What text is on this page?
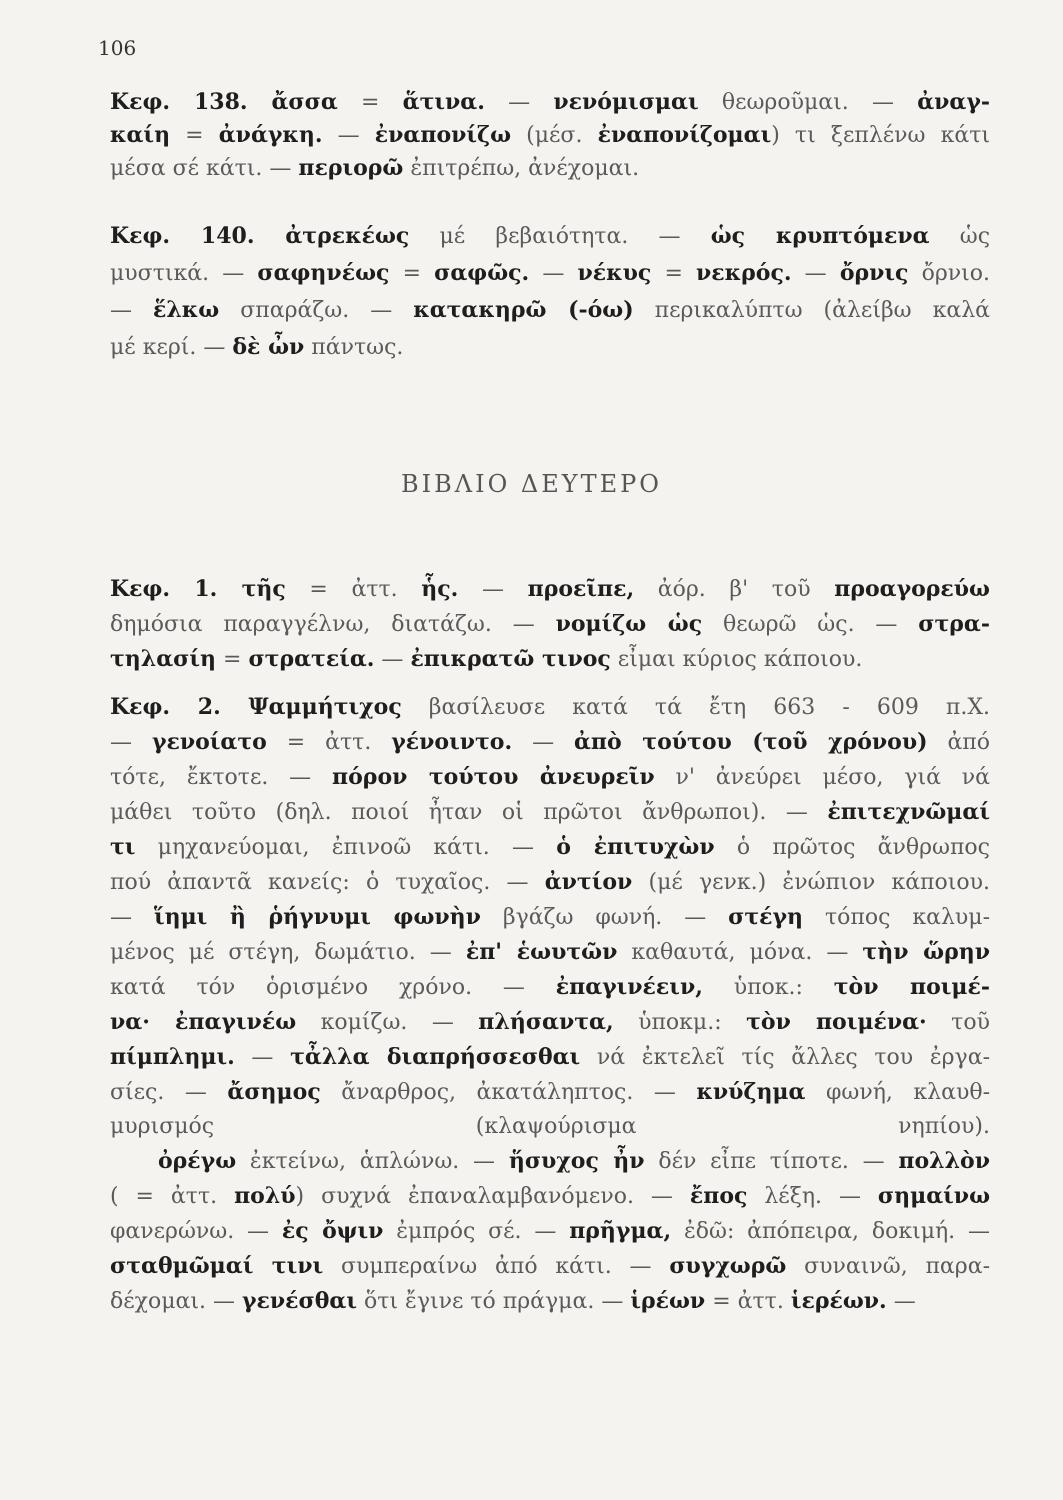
106

Κεφ. 138. ἄσσα = ἅτινα. — νενόμισμαι θεωροῦμαι. — ἀναγ-

καίη = ἀνάγκη. — ἐναπονίζω (μέσ. ἐναπονίζομαι) τι ξεπλένω κάτι

μέσα σέ κάτι. — περιορῶ ἐπιτρέπω, ἀνέχομαι.

Κεφ. 140. ἀτρεκέως μέ βεβαιότητα. — ὡς κρυπτόμενα ὡς

μυστικά. — σαφηνέως = σαφῶς. — νέκυς = νεκρός. — ὄρνις ὄρνιο.

— ἕλκω σπαράζω. — κατακηρῶ (-όω) περικαλύπτω (ἀλείβω καλά

μέ κερί. — δὲ ὦν πάντως.

ΒΙΒΛΙΟ ΔΕΥΤΕΡΟ

Κεφ. 1. τῆς = ἀττ. ἧς. — προεῖπε, ἀόρ. β' τοῦ προαγορεύω

δημόσια παραγγέλνω, διατάζω. — νομίζω ὡς θεωρῶ ὡς. — στρα-

τηλασίη = στρατεία. — ἐπικρατῶ τινος εἶμαι κύριος κάποιου.

Κεφ. 2. Ψαμμήτιχος βασίλευσε κατά τά ἔτη 663 - 609 π.Χ.

— γενοίατο = ἀττ. γένοιντο. — ἀπὸ τούτου (τοῦ χρόνου) ἀπό

τότε, ἔκτοτε. — πόρον τούτου ἀνευρεῖν ν' ἀνεύρει μέσο, γιά νά

μάθει τοῦτο (δηλ. ποιοί ἦταν οἱ πρῶτοι ἄνθρωποι). — ἐπιτεχνῶμαί

τι μηχανεύομαι, ἐπινοῶ κάτι. — ὁ ἐπιτυχὼν ὁ πρῶτος ἄνθρωπος

πού ἀπαντᾶ κανείς: ὁ τυχαῖος. — ἀντίον (μέ γενκ.) ἐνώπιον κάποιου.

— ἵημι ἢ ῥήγνυμι φωνὴν βγάζω φωνή. — στέγη τόπος καλυμ-

μένος μέ στέγη, δωμάτιο. — ἐπ' ἑωυτῶν καθαυτά, μόνα. — τὴν ὥρην

κατά τόν ὁρισμένο χρόνο. — ἐπαγινέειν, ὑποκ.: τὸν ποιμέ-

να· ἐπαγινέω κομίζω. — πλήσαντα, ὑποκμ.: τὸν ποιμένα· τοῦ

πίμπλημι. — τἆλλα διαπρήσσεσθαι νά ἐκτελεῖ τίς ἄλλες του ἐργα-

σίες. — ἄσημος ἄναρθρος, ἀκατάληπτος. — κνύζημα φωνή, κλαυθ-

μυρισμός (κλαψούρισμα νηπίου).

ὀρέγω ἐκτείνω, ἁπλώνω. — ἥσυχος ἦν δέν εἶπε τίποτε. — πολλὸν

( = ἀττ. πολύ) συχνά ἐπαναλαμβανόμενο. — ἔπος λέξη. — σημαίνω

φανερώνω. — ἐς ὄψιν ἐμπρός σέ. — πρῆγμα, ἐδῶ: ἀπόπειρα, δοκιμή. —

σταθμῶμαί τινι συμπεραίνω ἀπό κάτι. — συγχωρῶ συναινῶ, παρα-

δέχομαι. — γενέσθαι ὅτι ἔγινε τό πράγμα. — ἱρέων = ἀττ. ἱερέων. —
